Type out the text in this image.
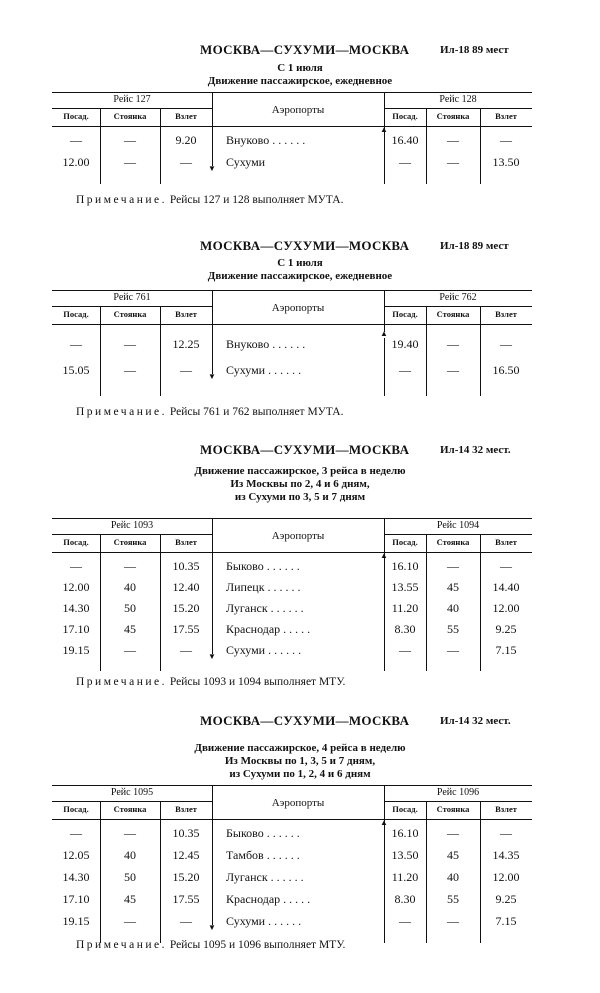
МОСКВА—СУХУМИ—МОСКВА	Ил-18 89 мест
С 1 июля
Движение пассажирское, ежедневное
Рейс 127	Рейс 128
Аэропорты
Посад.	Стоянка	Взлет	Посад.	Стоянка	Взлет
—	—	9.20	16.40	—	—
Внуково . . . . . .
12.00	—	—	—	—	13.50
Сухуми
▼
▲
Примечание. Рейсы 127 и 128 выполняет МУТА.
МОСКВА—СУХУМИ—МОСКВА	Ил-18 89 мест
С 1 июля
Движение пассажирское, ежедневное
Рейс 761	Рейс 762
Аэропорты
Посад.	Стоянка	Взлет	Посад.	Стоянка	Взлет
—	—	12.25	19.40	—	—
Внуково . . . . . .
15.05	—	—	—	—	16.50
Сухуми . . . . . .
▼
▲
Примечание. Рейсы 761 и 762 выполняет МУТА.
МОСКВА—СУХУМИ—МОСКВА	Ил-14 32 мест.
Движение пассажирское, 3 рейса в неделю
Из Москвы по 2, 4 и 6 дням,
из Сухуми по 3, 5 и 7 дням
Рейс 1093	Рейс 1094
Аэропорты
Посад.	Стоянка	Взлет	Посад.	Стоянка	Взлет
—	—	10.35	16.10	—	—
Быково . . . . . .
12.00	40	12.40	13.55	45	14.40
Липецк . . . . . .
14.30	50	15.20	11.20	40	12.00
Луганск . . . . . .
17.10	45	17.55	8.30	55	9.25
Краснодар . . . . .
19.15	—	—	—	—	7.15
Сухуми . . . . . .
▼
▲
Примечание. Рейсы 1093 и 1094 выполняет МТУ.
МОСКВА—СУХУМИ—МОСКВА	Ил-14 32 мест.
Движение пассажирское, 4 рейса в неделю
Из Москвы по 1, 3, 5 и 7 дням,
из Сухуми по 1, 2, 4 и 6 дням
Рейс 1095	Рейс 1096
Аэропорты
Посад.	Стоянка	Взлет	Посад.	Стоянка	Взлет
—	—	10.35	16.10	—	—
Быково . . . . . .
12.05	40	12.45	13.50	45	14.35
Тамбов . . . . . .
14.30	50	15.20	11.20	40	12.00
Луганск . . . . . .
17.10	45	17.55	8.30	55	9.25
Краснодар . . . . .
19.15	—	—	—	—	7.15
Сухуми . . . . . .
▼
▲
Примечание. Рейсы 1095 и 1096 выполняет МТУ.
